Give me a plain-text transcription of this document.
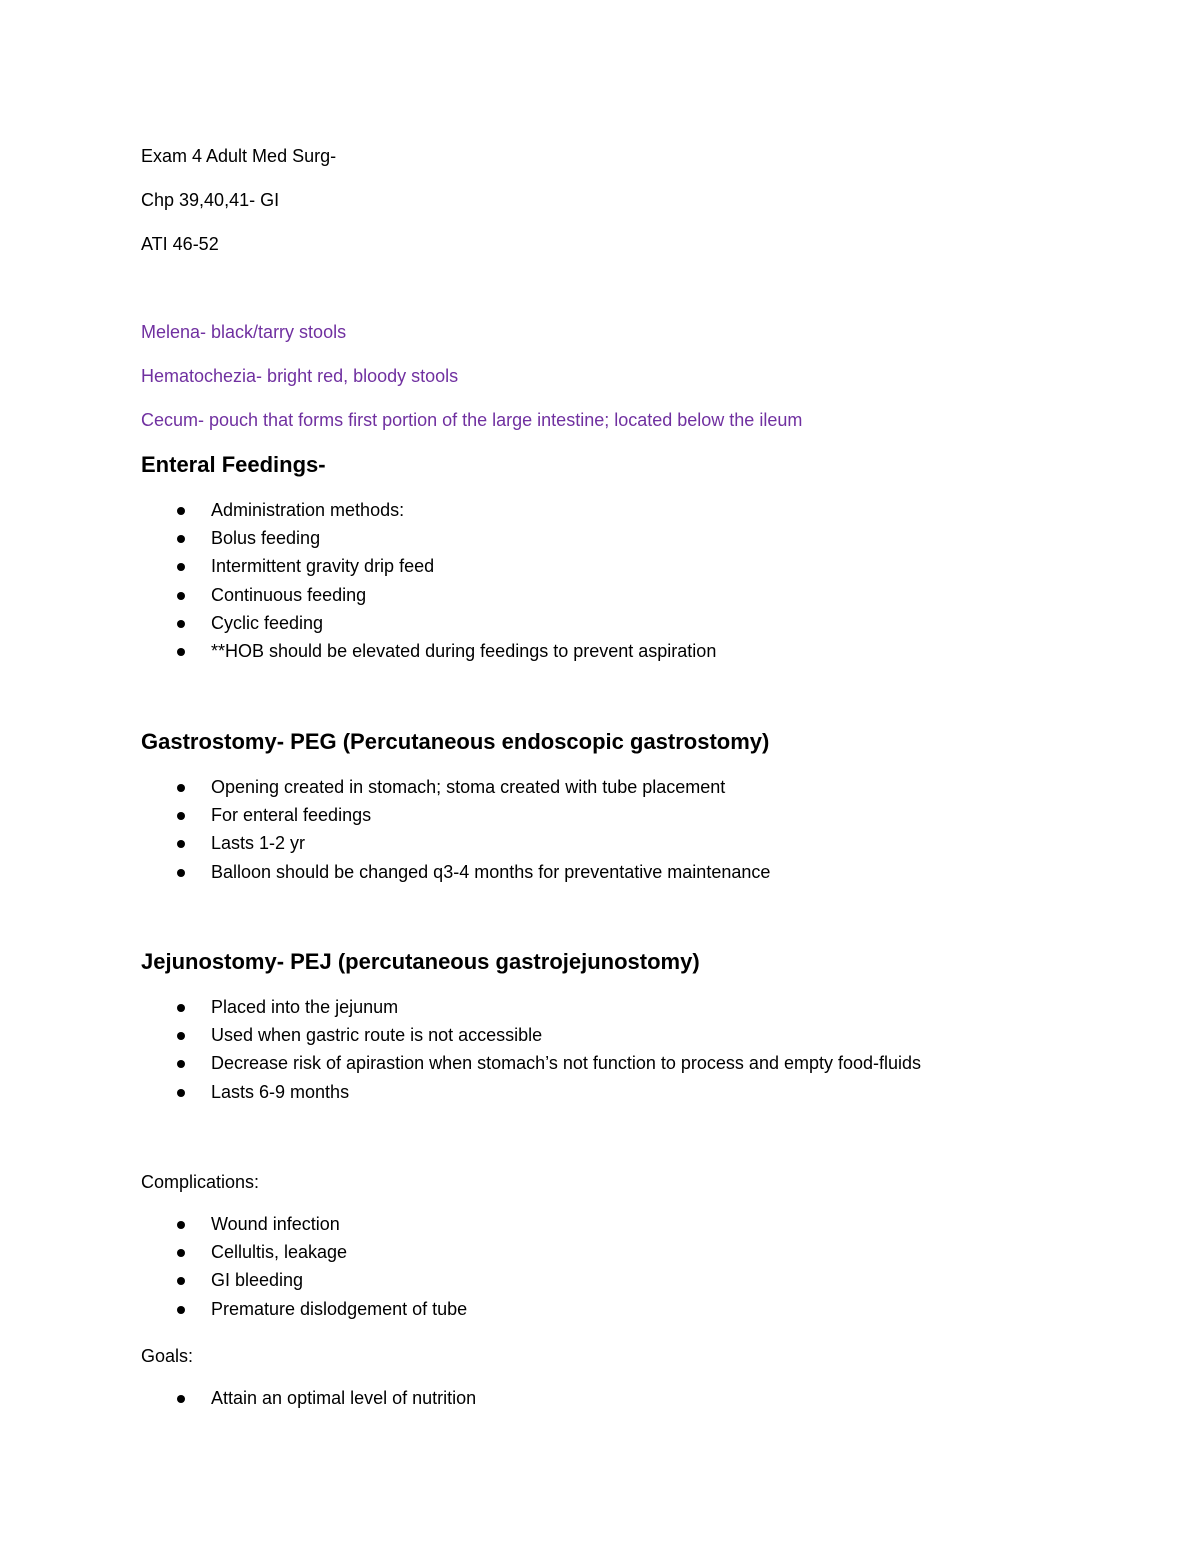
Exam 4 Adult Med Surg-
Chp 39,40,41- GI
ATI 46-52
Melena- black/tarry stools
Hematochezia- bright red, bloody stools
Cecum- pouch that forms first portion of the large intestine; located below the ileum
Enteral Feedings-
Administration methods:
Bolus feeding
Intermittent gravity drip feed
Continuous feeding
Cyclic feeding
**HOB should be elevated during feedings to prevent aspiration
Gastrostomy- PEG (Percutaneous endoscopic gastrostomy)
Opening created in stomach; stoma created with tube placement
For enteral feedings
Lasts 1-2 yr
Balloon should be changed q3-4 months for preventative maintenance
Jejunostomy- PEJ (percutaneous gastrojejunostomy)
Placed into the jejunum
Used when gastric route is not accessible
Decrease risk of apirastion when stomach’s not function to process and empty food-fluids
Lasts 6-9 months
Complications:
Wound infection
Cellultis, leakage
GI bleeding
Premature dislodgement of tube
Goals:
Attain an optimal level of nutrition
